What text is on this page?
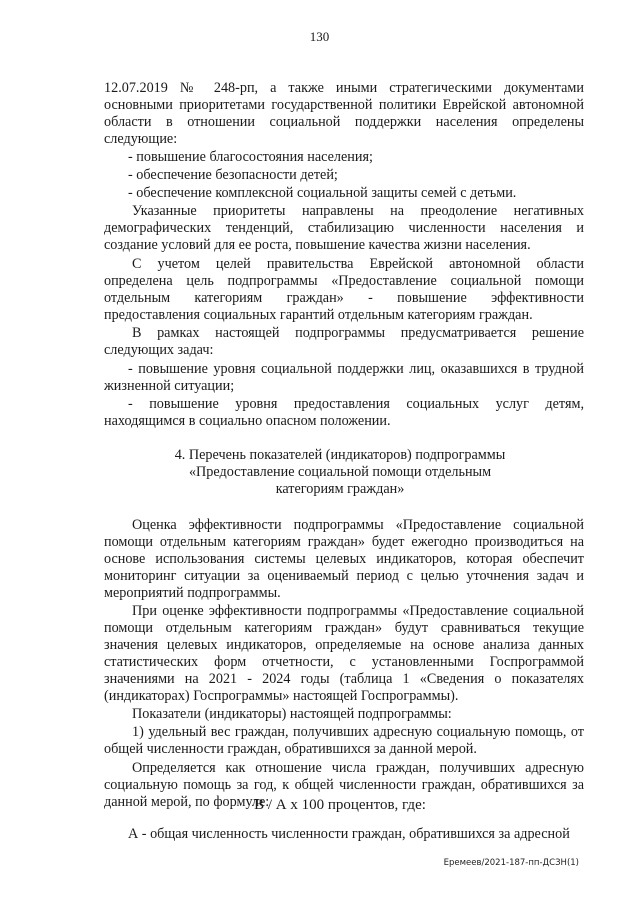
130
12.07.2019 № 248-рп, а также иными стратегическими документами
основными приоритетами государственной политики Еврейской автономной
области в отношении социальной поддержки населения определены
следующие:
- повышение благосостояния населения;
- обеспечение безопасности детей;
- обеспечение комплексной социальной защиты семей с детьми.
Указанные приоритеты направлены на преодоление негативных
демографических тенденций, стабилизацию численности населения и
создание условий для ее роста, повышение качества жизни населения.
С учетом целей правительства Еврейской автономной области
определена цель подпрограммы «Предоставление социальной помощи
отдельным категориям граждан» - повышение эффективности
предоставления социальных гарантий отдельным категориям граждан.
В рамках настоящей подпрограммы предусматривается решение
следующих задач:
- повышение уровня социальной поддержки лиц, оказавшихся в трудной
жизненной ситуации;
- повышение уровня предоставления социальных услуг детям,
находящимся в социально опасном положении.
4. Перечень показателей (индикаторов) подпрограммы
«Предоставление социальной помощи отдельным
категориям граждан»
Оценка эффективности подпрограммы «Предоставление социальной
помощи отдельным категориям граждан» будет ежегодно производиться на
основе использования системы целевых индикаторов, которая обеспечит
мониторинг ситуации за оцениваемый период с целью уточнения задач и
мероприятий подпрограммы.
При оценке эффективности подпрограммы «Предоставление социальной
помощи отдельным категориям граждан» будут сравниваться текущие
значения целевых индикаторов, определяемые на основе анализа данных
статистических форм отчетности, с установленными Госпрограммой
значениями на 2021 - 2024 годы (таблица 1 «Сведения о показателях
(индикаторах) Госпрограммы» настоящей Госпрограммы).
Показатели (индикаторы) настоящей подпрограммы:
1) удельный вес граждан, получивших адресную социальную помощь, от
общей численности граждан, обратившихся за данной мерой.
Определяется как отношение числа граждан, получивших адресную
социальную помощь за год, к общей численности граждан, обратившихся за
данной мерой, по формуле:
В / А х 100 процентов, где:
Еремеев/2021-187-пп-ДСЗН(1)
А - общая численность численности граждан, обратившихся за адресной
